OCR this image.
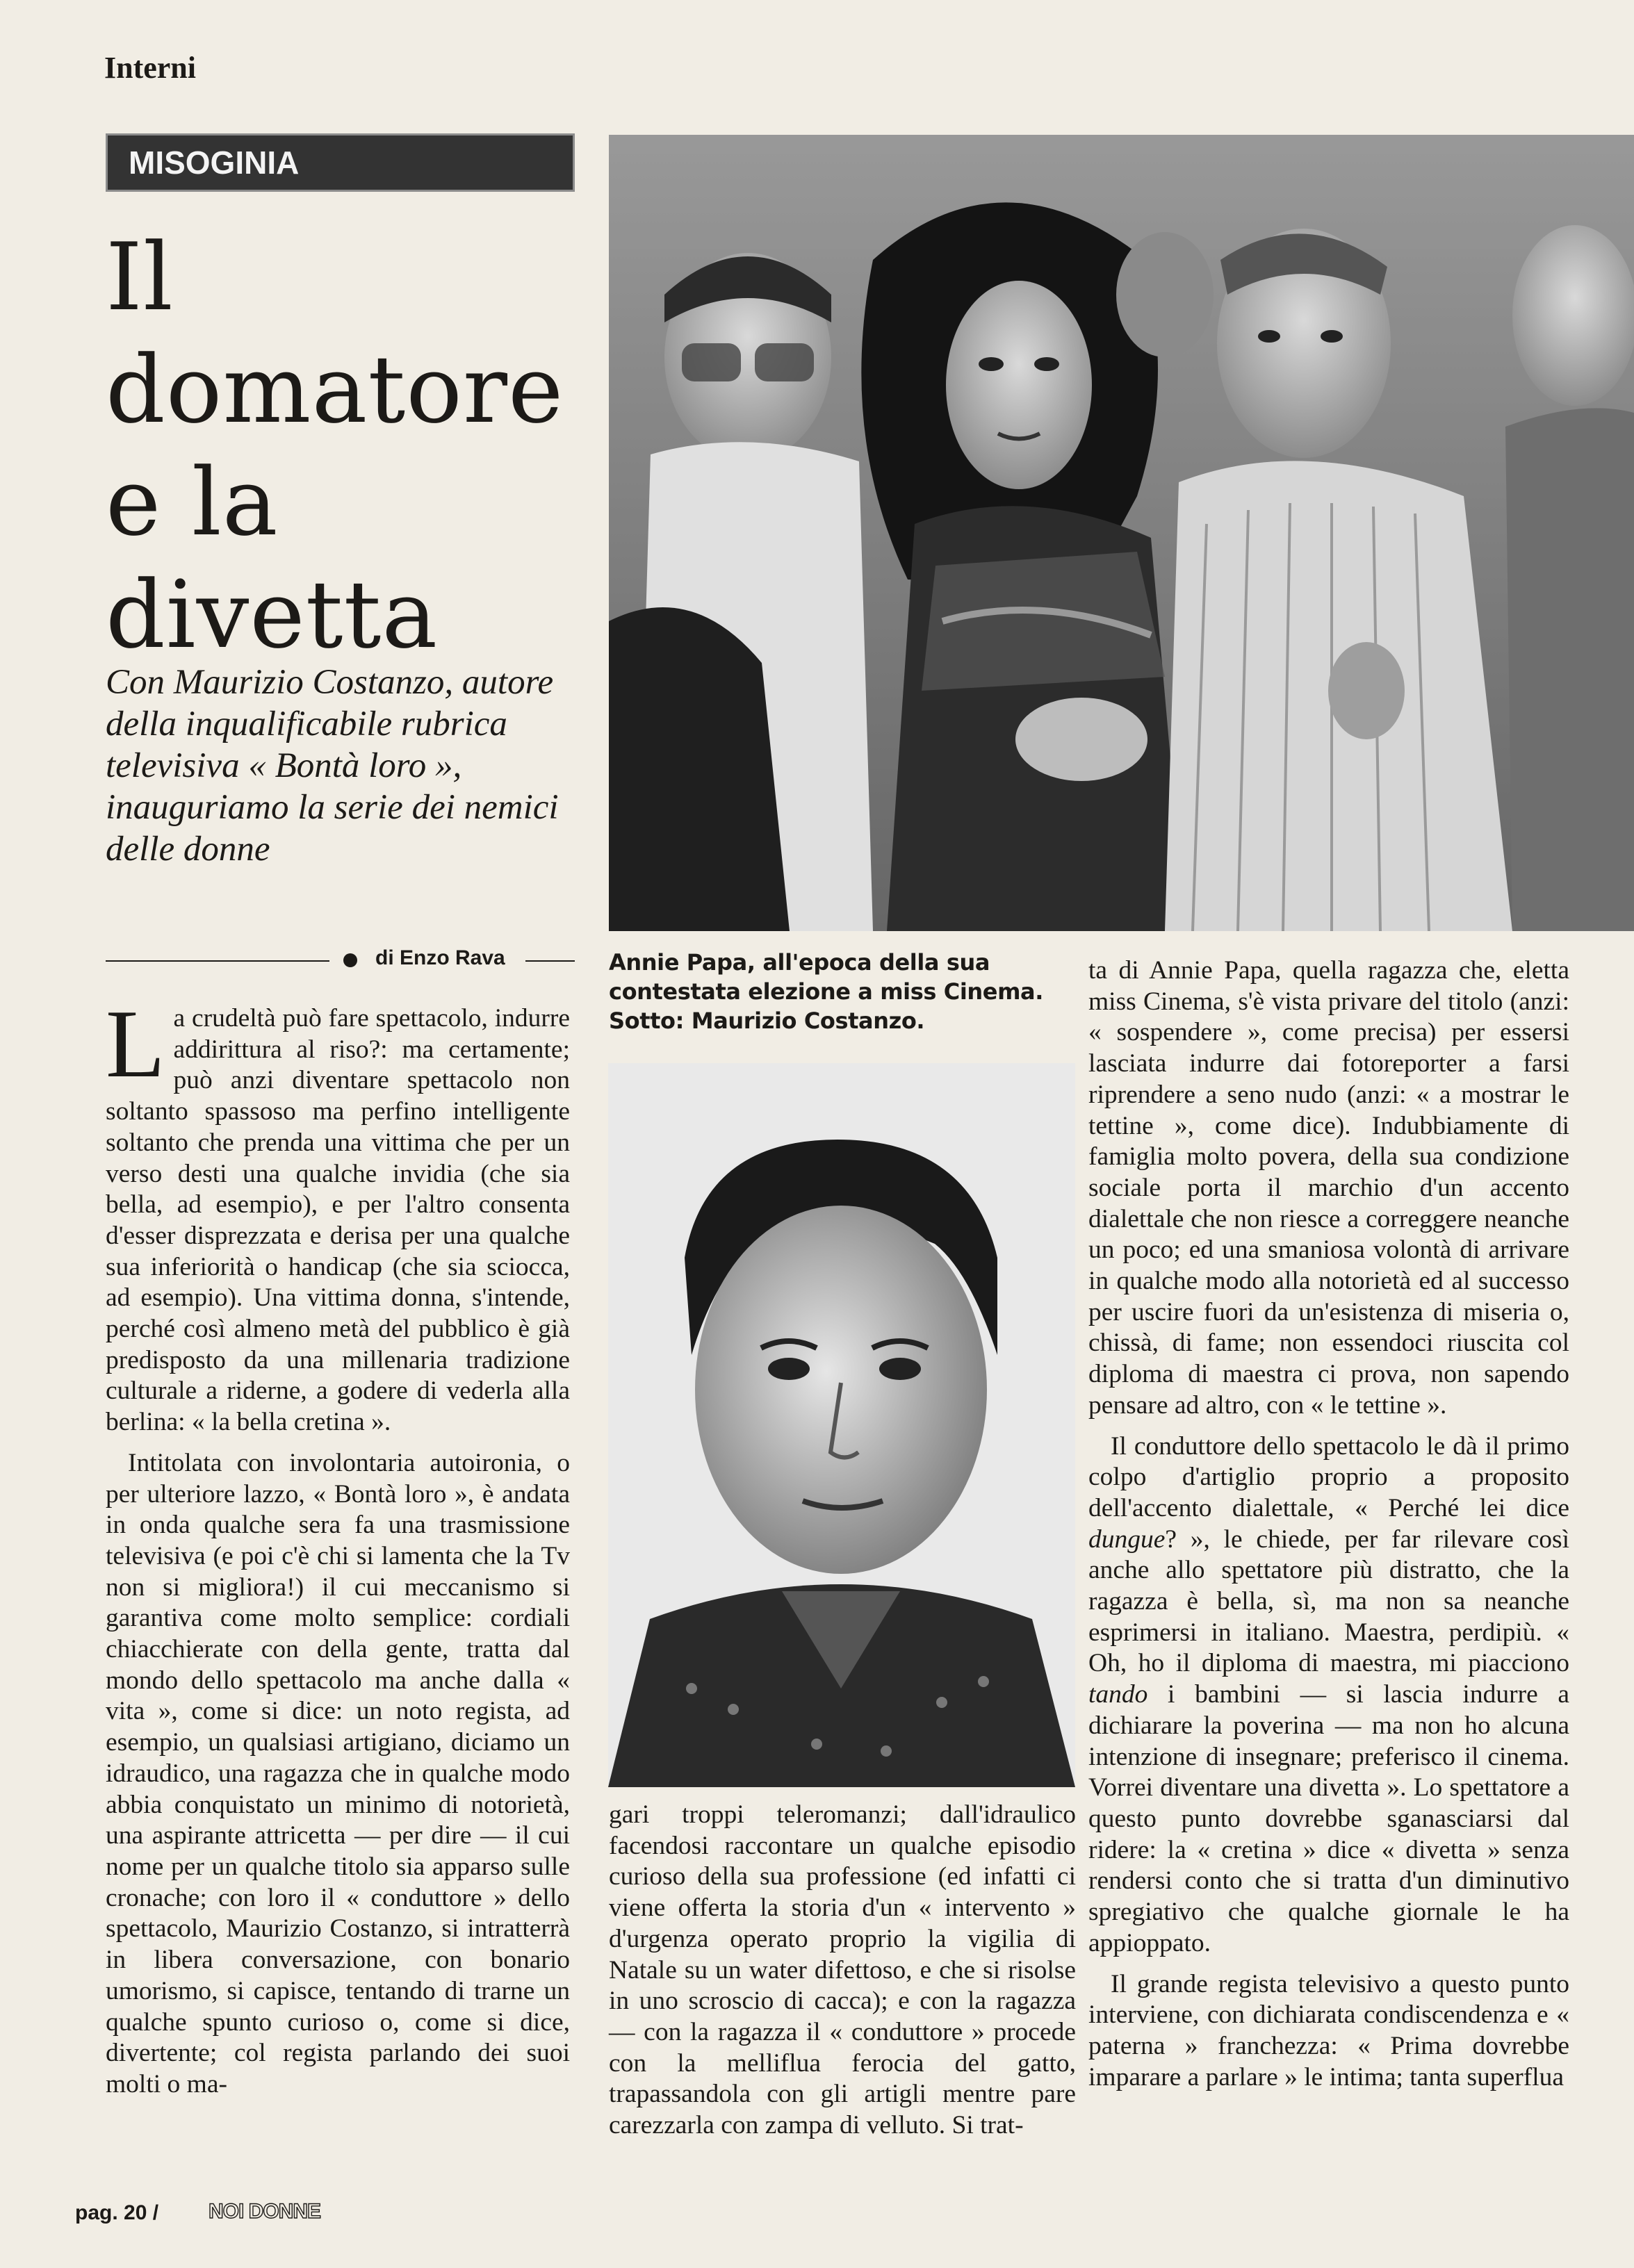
Interni
MISOGINIA
Il
domatore
e la
divetta

Con Maurizio Costanzo, autore della inqualificabile rubrica televisiva « Bontà loro », inauguriamo la serie dei nemici delle donne

di Enzo Rava	Annie Papa, all'epoca della sua contestata elezione a miss Cinema. Sotto: Maurizio Costanzo.

La crudeltà può fare spettacolo, indurre addirittura al riso?: ma certamente; può anzi diventare spettacolo non soltanto spassoso ma perfino intelligente soltanto che prenda una vittima che per un verso desti una qualche invidia (che sia bella, ad esempio), e per l'altro consenta d'esser disprezzata e derisa per una qualche sua inferiorità o handicap (che sia sciocca, ad esempio). Una vittima donna, s'intende, perché così almeno metà del pubblico è già predisposto da una millenaria tradizione culturale a riderne, a godere di vederla alla berlina: « la bella cretina ».

Intitolata con involontaria autoironia, o per ulteriore lazzo, « Bontà loro », è andata in onda qualche sera fa una trasmissione televisiva (e poi c'è chi si lamenta che la Tv non si migliora!) il cui meccanismo si garantiva come molto semplice: cordiali chiacchierate con della gente, tratta dal mondo dello spettacolo ma anche dalla « vita », come si dice: un noto regista, ad esempio, un qualsiasi artigiano, diciamo un idraudico, una ragazza che in qualche modo abbia conquistato un minimo di notorietà, una aspirante attricetta — per dire — il cui nome per un qualche titolo sia apparso sulle cronache; con loro il « conduttore » dello spettacolo, Maurizio Costanzo, si intratterrà in libera conversazione, con bonario umorismo, si capisce, tentando di trarne un qualche spunto curioso o, come si dice, divertente; col regista parlando dei suoi molti o ma-

gari troppi teleromanzi; dall'idraulico facendosi raccontare un qualche episodio curioso della sua professione (ed infatti ci viene offerta la storia d'un « intervento » d'urgenza operato proprio la vigilia di Natale su un water difettoso, e che si risolse in uno scroscio di cacca); e con la ragazza — con la ragazza il « conduttore » procede con la melliflua ferocia del gatto, trapassandola con gli artigli mentre pare carezzarla con zampa di velluto. Si trat-

ta di Annie Papa, quella ragazza che, eletta miss Cinema, s'è vista privare del titolo (anzi: « sospendere », come precisa) per essersi lasciata indurre dai fotoreporter a farsi riprendere a seno nudo (anzi: « a mostrar le tettine », come dice). Indubbiamente di famiglia molto povera, della sua condizione sociale porta il marchio d'un accento dialettale che non riesce a correggere neanche un poco; ed una smaniosa volontà di arrivare in qualche modo alla notorietà ed al successo per uscire fuori da un'esistenza di miseria o, chissà, di fame; non essendoci riuscita col diploma di maestra ci prova, non sapendo pensare ad altro, con « le tettine ».

Il conduttore dello spettacolo le dà il primo colpo d'artiglio proprio a proposito dell'accento dialettale, « Perché lei dice dungue? », le chiede, per far rilevare così anche allo spettatore più distratto, che la ragazza è bella, sì, ma non sa neanche esprimersi in italiano. Maestra, perdipiù. « Oh, ho il diploma di maestra, mi piacciono tando i bambini — si lascia indurre a dichiarare la poverina — ma non ho alcuna intenzione di insegnare; preferisco il cinema. Vorrei diventare una divetta ». Lo spettatore a questo punto dovrebbe sganasciarsi dal ridere: la « cretina » dice « divetta » senza rendersi conto che si tratta d'un diminutivo spregiativo che qualche giornale le ha appioppato.

Il grande regista televisivo a questo punto interviene, con dichiarata condiscendenza e « paterna » franchezza: « Prima dovrebbe imparare a parlare » le intima; tanta superflua

pag. 20 / NOI DONNE
